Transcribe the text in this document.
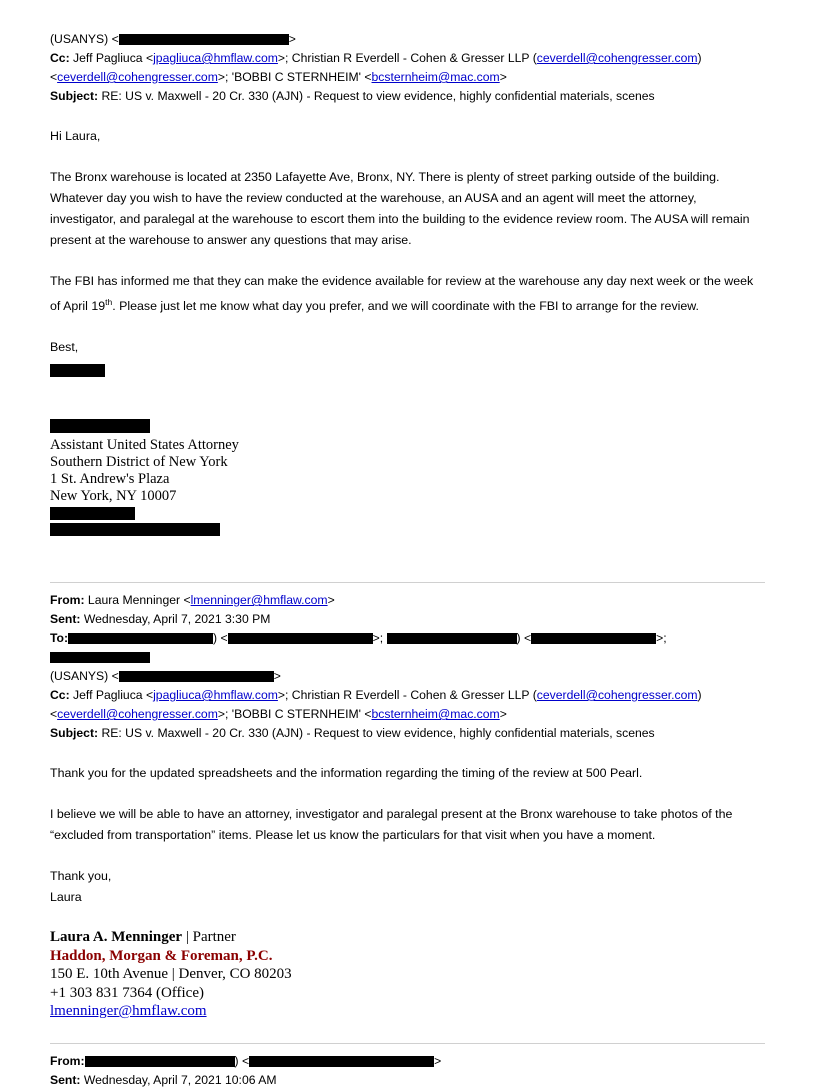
(USANYS) <	>
Cc: Jeff Pagliuca <jpagliuca@hmflaw.com>; Christian R Everdell - Cohen & Gresser LLP (ceverdell@cohengresser.com)
<ceverdell@cohengresser.com>; 'BOBBI C STERNHEIM' <bcsternheim@mac.com>
Subject: RE: US v. Maxwell - 20 Cr. 330 (AJN) - Request to view evidence, highly confidential materials, scenes

Hi Laura,

The Bronx warehouse is located at 2350 Lafayette Ave, Bronx, NY. There is plenty of street parking outside of the building. Whatever day you wish to have the review conducted at the warehouse, an AUSA and an agent will meet the attorney, investigator, and paralegal at the warehouse to escort them into the building to the evidence review room. The AUSA will remain present at the warehouse to answer any questions that may arise.

The FBI has informed me that they can make the evidence available for review at the warehouse any day next week or the week of April 19th. Please just let me know what day you prefer, and we will coordinate with the FBI to arrange for the review.

Best,

Assistant United States Attorney
Southern District of New York
1 St. Andrew's Plaza
New York, NY 10007
From: Laura Menninger <lmenninger@hmflaw.com>
Sent: Wednesday, April 7, 2021 3:30 PM
To:	) <	>;	) <	>;
(USANYS) <	>
Cc: Jeff Pagliuca <jpagliuca@hmflaw.com>; Christian R Everdell - Cohen & Gresser LLP (ceverdell@cohengresser.com)
<ceverdell@cohengresser.com>; 'BOBBI C STERNHEIM' <bcsternheim@mac.com>
Subject: RE: US v. Maxwell - 20 Cr. 330 (AJN) - Request to view evidence, highly confidential materials, scenes

Thank you for the updated spreadsheets and the information regarding the timing of the review at 500 Pearl.

I believe we will be able to have an attorney, investigator and paralegal present at the Bronx warehouse to take photos of the “excluded from transportation” items. Please let us know the particulars for that visit when you have a moment.

Thank you,

Laura

Laura A. Menninger | Partner
Haddon, Morgan & Foreman, P.C.
150 E. 10th Avenue | Denver, CO 80203
+1 303 831 7364 (Office)
lmenninger@hmflaw.com
From:	) <	>
Sent: Wednesday, April 7, 2021 10:06 AM
